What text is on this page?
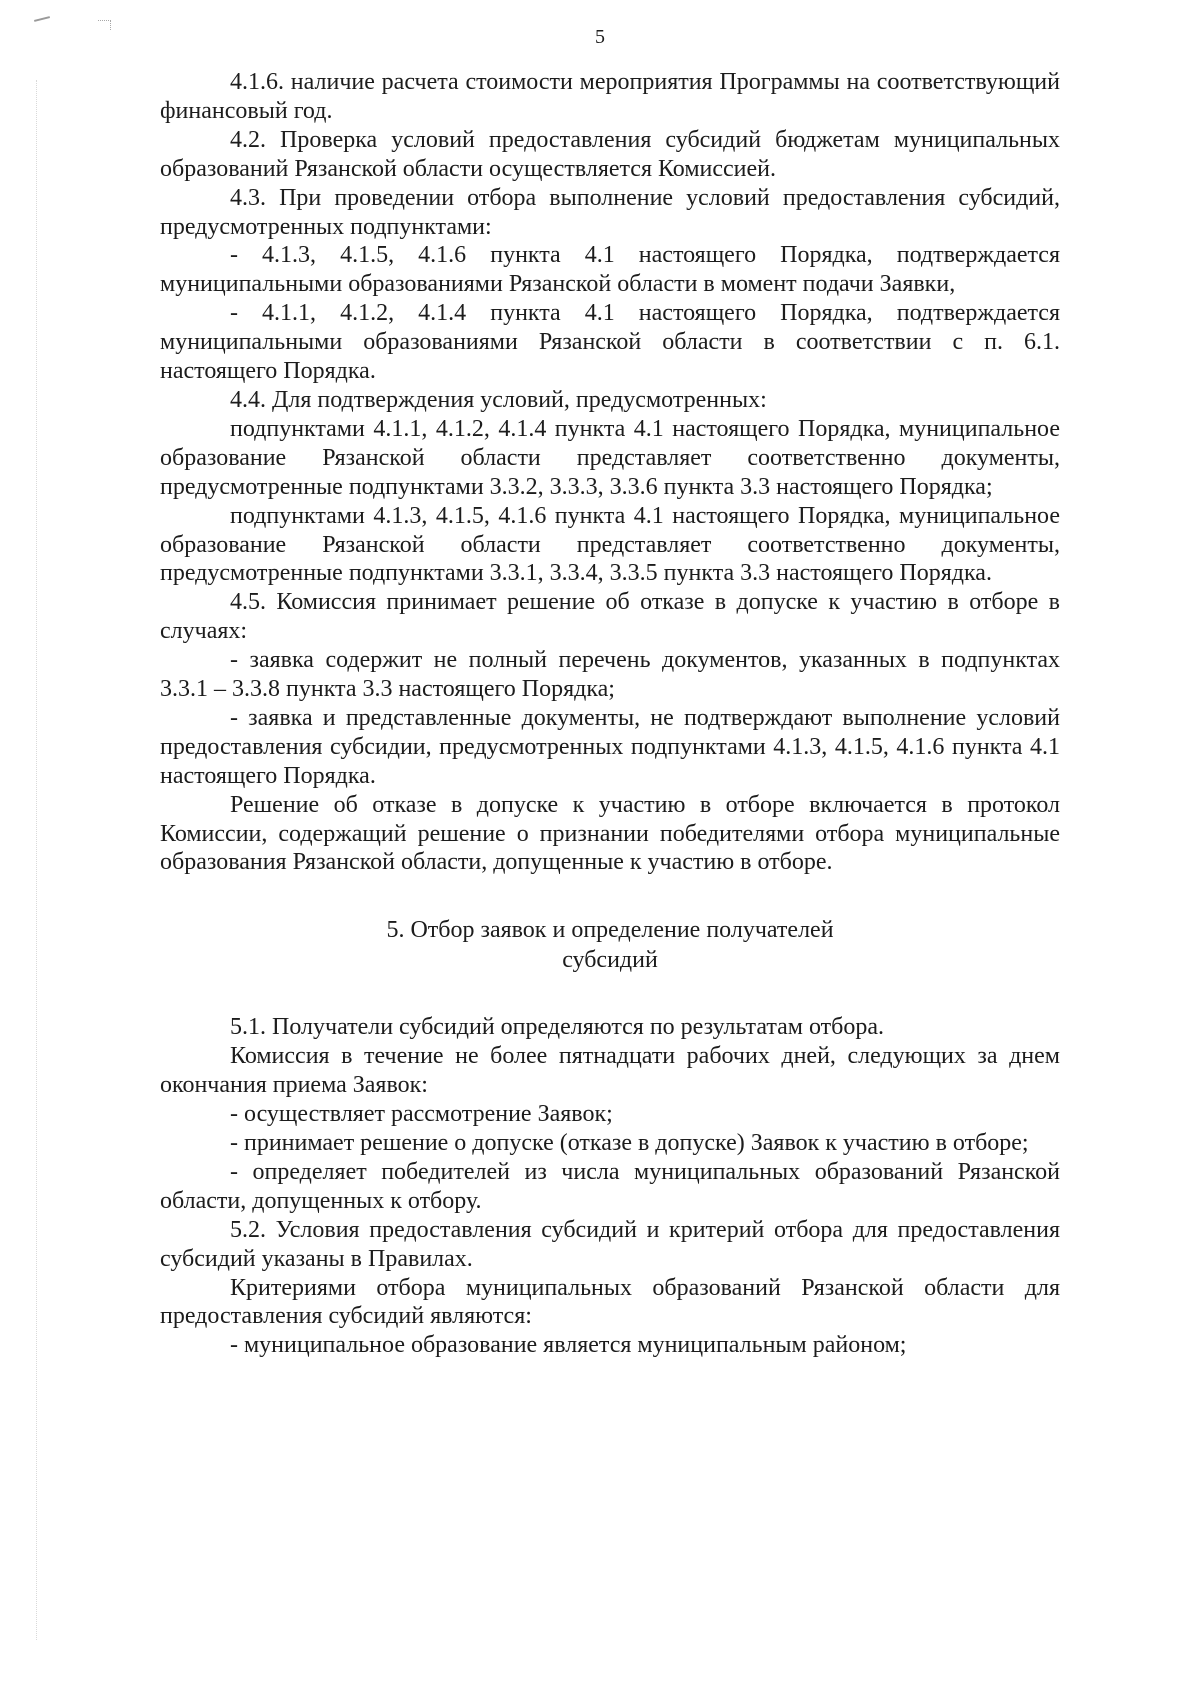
5

4.1.6. наличие расчета стоимости мероприятия Программы на соответствующий финансовый год.

4.2. Проверка условий предоставления субсидий бюджетам муниципальных образований Рязанской области осуществляется Комиссией.

4.3. При проведении отбора выполнение условий предоставления субсидий, предусмотренных подпунктами:

- 4.1.3, 4.1.5, 4.1.6 пункта 4.1 настоящего Порядка, подтверждается муниципальными образованиями Рязанской области в момент подачи Заявки,

- 4.1.1, 4.1.2, 4.1.4 пункта 4.1 настоящего Порядка, подтверждается муниципальными образованиями Рязанской области в соответствии с п. 6.1. настоящего Порядка.

4.4. Для подтверждения условий, предусмотренных:

подпунктами 4.1.1, 4.1.2, 4.1.4 пункта 4.1 настоящего Порядка, муниципальное образование Рязанской области представляет соответственно документы, предусмотренные подпунктами 3.3.2, 3.3.3, 3.3.6 пункта 3.3 настоящего Порядка;

подпунктами 4.1.3, 4.1.5, 4.1.6 пункта 4.1 настоящего Порядка, муниципальное образование Рязанской области представляет соответственно документы, предусмотренные подпунктами 3.3.1, 3.3.4, 3.3.5 пункта 3.3 настоящего Порядка.

4.5. Комиссия принимает решение об отказе в допуске к участию в отборе в случаях:

- заявка содержит не полный перечень документов, указанных в подпунктах 3.3.1 – 3.3.8 пункта 3.3 настоящего Порядка;

- заявка и представленные документы, не подтверждают выполнение условий предоставления субсидии, предусмотренных подпунктами 4.1.3, 4.1.5, 4.1.6 пункта 4.1 настоящего Порядка.

Решение об отказе в допуске к участию в отборе включается в протокол Комиссии, содержащий решение о признании победителями отбора муниципальные образования Рязанской области, допущенные к участию в отборе.

5. Отбор заявок и определение получателей
субсидий

5.1. Получатели субсидий определяются по результатам отбора.

Комиссия в течение не более пятнадцати рабочих дней, следующих за днем окончания приема Заявок:

- осуществляет рассмотрение Заявок;

- принимает решение о допуске (отказе в допуске) Заявок к участию в отборе;

- определяет победителей из числа муниципальных образований Рязанской области, допущенных к отбору.

5.2. Условия предоставления субсидий и критерий отбора для предоставления субсидий указаны в Правилах.

Критериями отбора муниципальных образований Рязанской области для предоставления субсидий являются:

- муниципальное образование является муниципальным районом;
